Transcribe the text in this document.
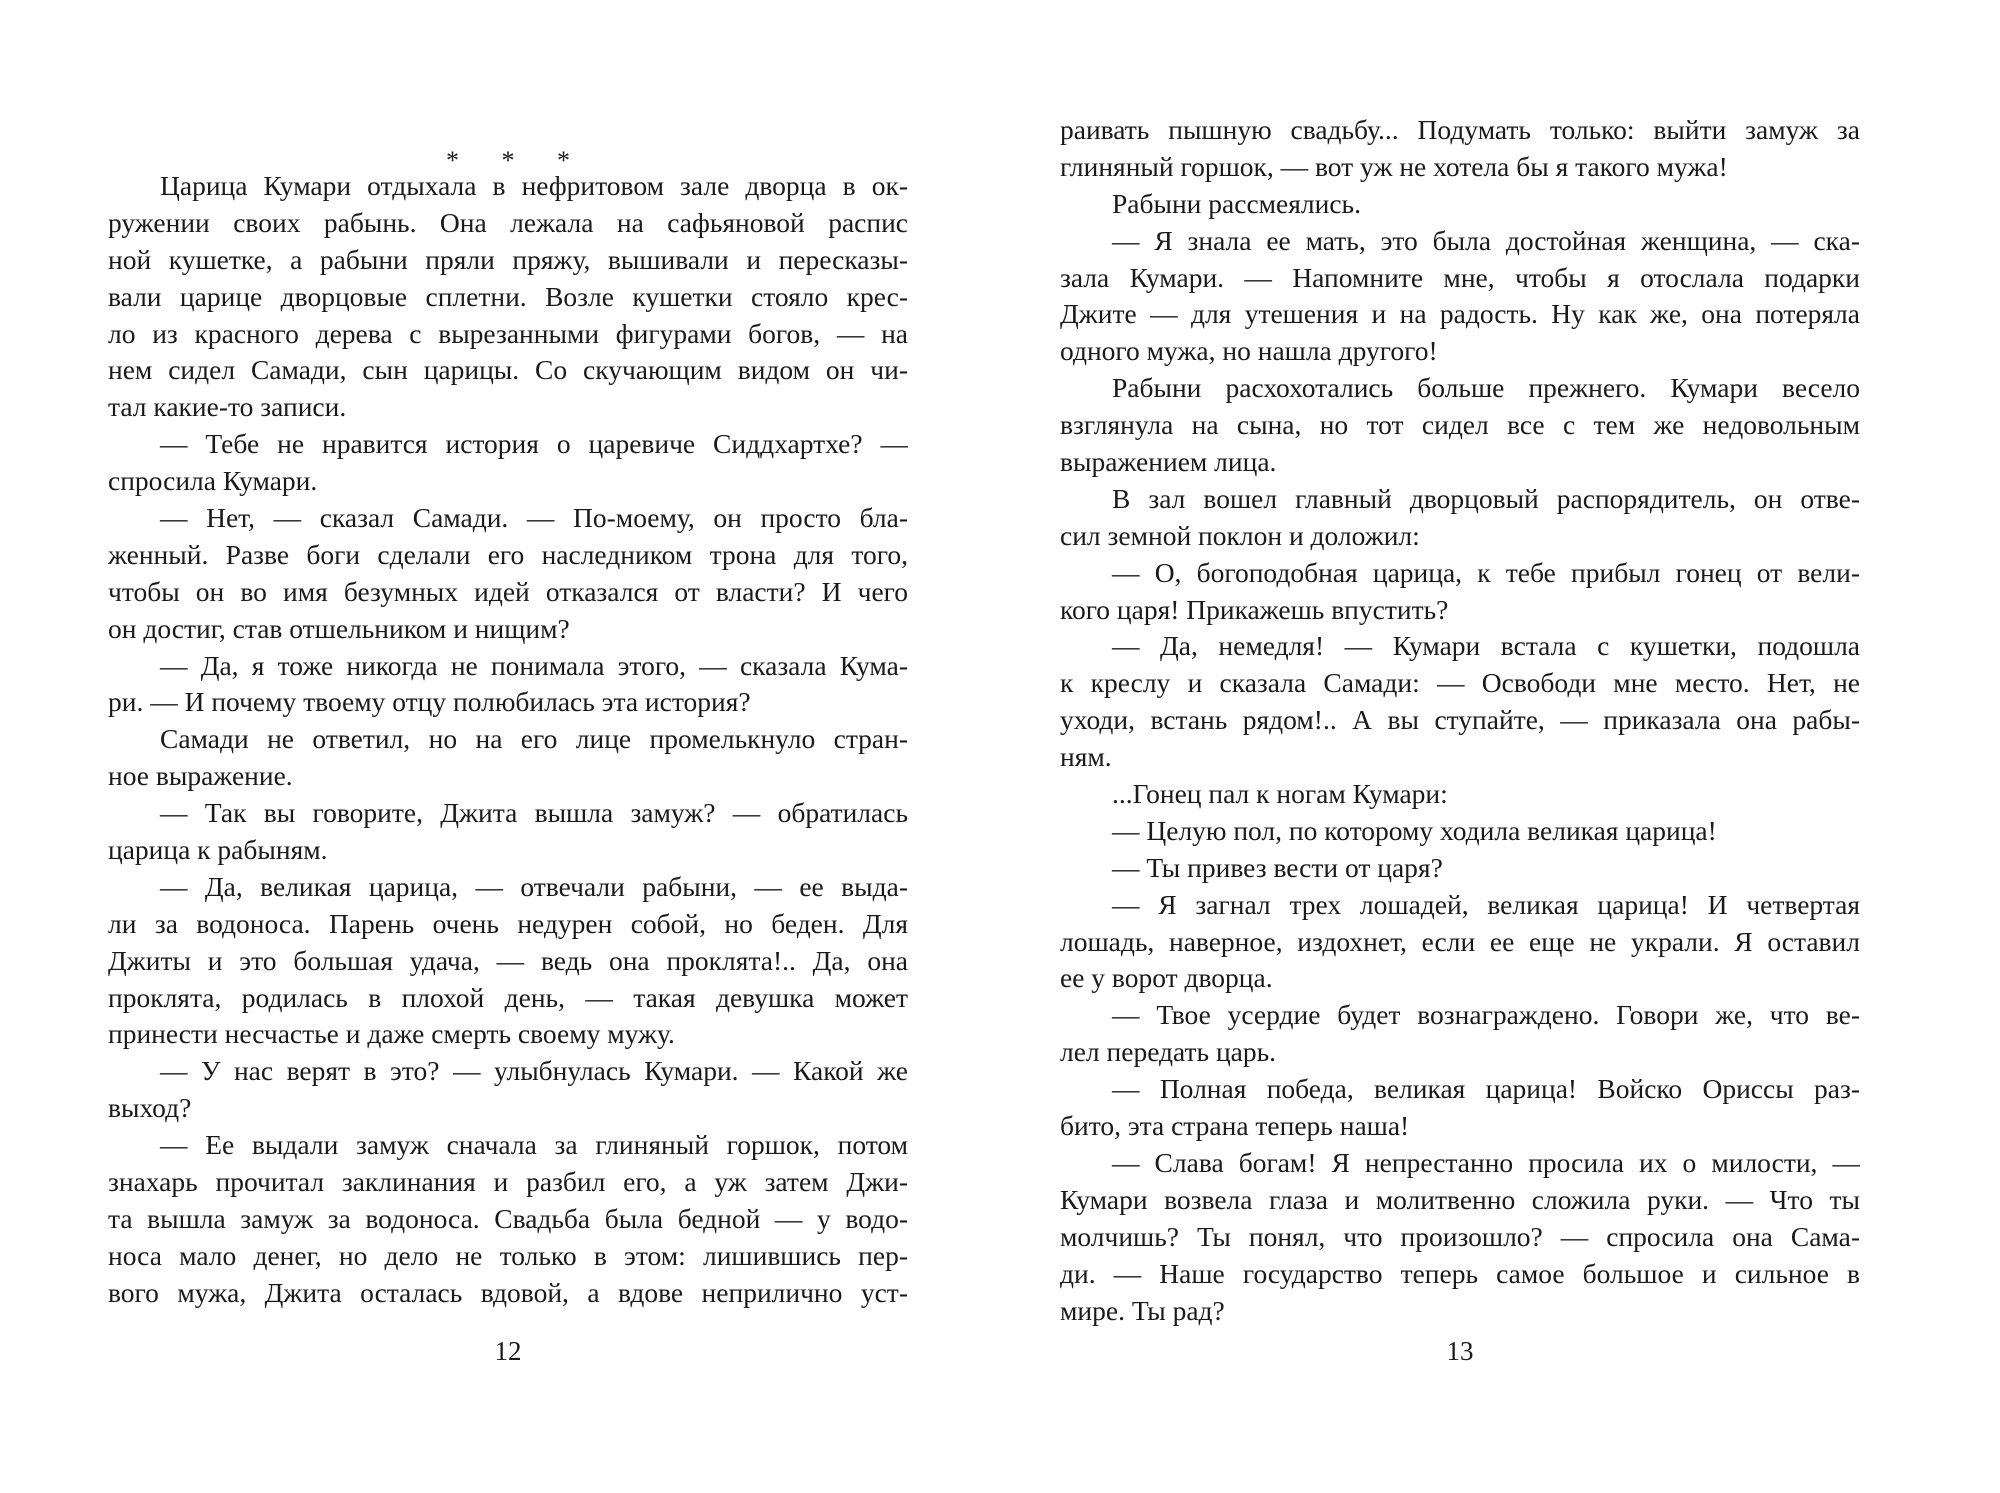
* * *
Царица Кумари отдыхала в нефритовом зале дворца в ок-
ружении своих рабынь. Она лежала на сафьяновой распис
ной кушетке, а рабыни пряли пряжу, вышивали и пересказы-
вали царице дворцовые сплетни. Возле кушетки стояло крес-
ло из красного дерева с вырезанными фигурами богов, — на
нем сидел Самади, сын царицы. Со скучающим видом он чи-
тал какие-то записи.
— Тебе не нравится история о царевиче Сиддхартхе? —
спросила Кумари.
— Нет, — сказал Самади. — По-моему, он просто бла-
женный. Разве боги сделали его наследником трона для того,
чтобы он во имя безумных идей отказался от власти? И чего
он достиг, став отшельником и нищим?
— Да, я тоже никогда не понимала этого, — сказала Кума-
ри. — И почему твоему отцу полюбилась эта история?
Самади не ответил, но на его лице промелькнуло стран-
ное выражение.
— Так вы говорите, Джита вышла замуж? — обратилась
царица к рабыням.
— Да, великая царица, — отвечали рабыни, — ее выда-
ли за водоноса. Парень очень недурен собой, но беден. Для
Джиты и это большая удача, — ведь она проклята!.. Да, она
проклята, родилась в плохой день, — такая девушка может
принести несчастье и даже смерть своему мужу.
— У нас верят в это? — улыбнулась Кумари. — Какой же
выход?
— Ее выдали замуж сначала за глиняный горшок, потом
знахарь прочитал заклинания и разбил его, а уж затем Джи-
та вышла замуж за водоноса. Свадьба была бедной — у водо-
носа мало денег, но дело не только в этом: лишившись пер-
вого мужа, Джита осталась вдовой, а вдове неприлично уст-
12
раивать пышную свадьбу... Подумать только: выйти замуж за
глиняный горшок, — вот уж не хотела бы я такого мужа!
Рабыни рассмеялись.
— Я знала ее мать, это была достойная женщина, — ска-
зала Кумари. — Напомните мне, чтобы я отослала подарки
Джите — для утешения и на радость. Ну как же, она потеряла
одного мужа, но нашла другого!
Рабыни расхохотались больше прежнего. Кумари весело
взглянула на сына, но тот сидел все с тем же недовольным
выражением лица.
В зал вошел главный дворцовый распорядитель, он отве-
сил земной поклон и доложил:
— О, богоподобная царица, к тебе прибыл гонец от вели-
кого царя! Прикажешь впустить?
— Да, немедля! — Кумари встала с кушетки, подошла
к креслу и сказала Самади: — Освободи мне место. Нет, не
уходи, встань рядом!.. А вы ступайте, — приказала она рабы-
ням.
...Гонец пал к ногам Кумари:
— Целую пол, по которому ходила великая царица!
— Ты привез вести от царя?
— Я загнал трех лошадей, великая царица! И четвертая
лошадь, наверное, издохнет, если ее еще не украли. Я оставил
ее у ворот дворца.
— Твое усердие будет вознаграждено. Говори же, что ве-
лел передать царь.
— Полная победа, великая царица! Войско Ориссы раз-
бито, эта страна теперь наша!
— Слава богам! Я непрестанно просила их о милости, —
Кумари возвела глаза и молитвенно сложила руки. — Что ты
молчишь? Ты понял, что произошло? — спросила она Сама-
ди. — Наше государство теперь самое большое и сильное в
мире. Ты рад?
13
